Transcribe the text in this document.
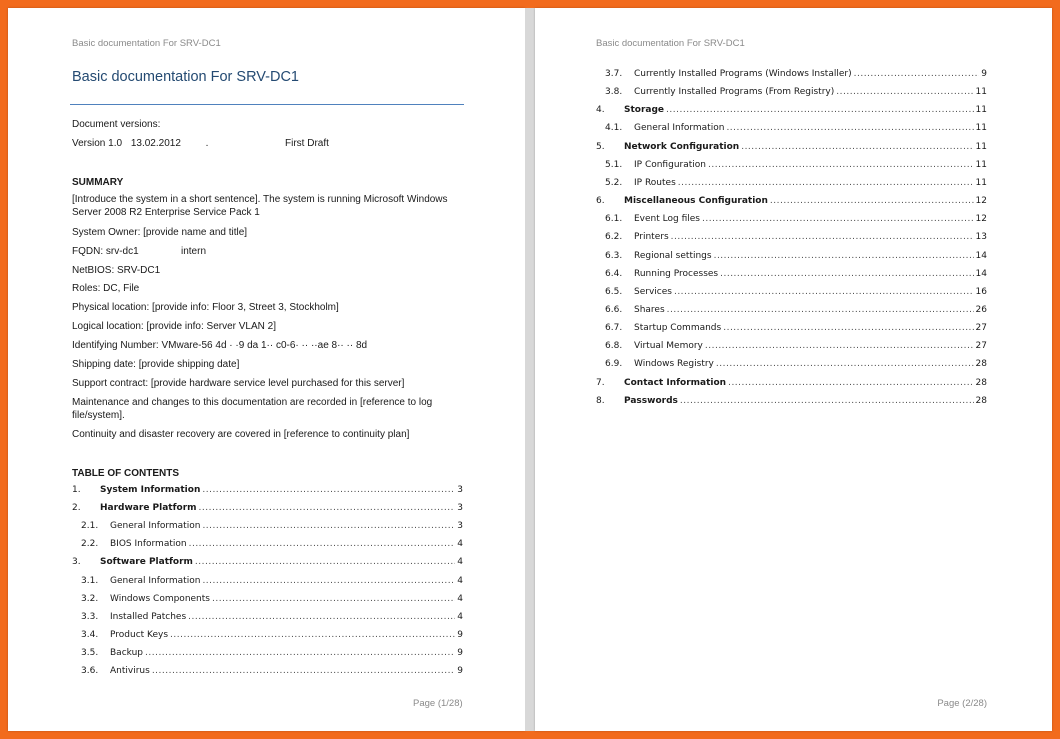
Basic documentation For SRV-DC1
Basic documentation For SRV-DC1
Document versions:
Version 1.0 13.02.2012 .	First Draft
SUMMARY
[Introduce the system in a short sentence]. The system is running Microsoft Windows Server 2008 R2 Enterprise Service Pack 1
System Owner: [provide name and title]
FQDN: srv-dc1	intern
NetBIOS: SRV-DC1
Roles: DC, File
Physical location: [provide info: Floor 3, Street 3, Stockholm]
Logical location: [provide info: Server VLAN 2]
Identifying Number: VMware-56 4d · ·9 da 1·· c0-6· ·· ··ae 8·· ·· 8d
Shipping date: [provide shipping date]
Support contract: [provide hardware service level purchased for this server]
Maintenance and changes to this documentation are recorded in [reference to log file/system].
Continuity and disaster recovery are covered in [reference to continuity plan]
TABLE OF CONTENTS
1.	System Information .....	3
2.	Hardware Platform .....	3
2.1.	General Information .....	3
2.2.	BIOS Information .....	4
3.	Software Platform .....	4
3.1.	General Information .....	4
3.2.	Windows Components .....	4
3.3.	Installed Patches .....	4
3.4.	Product Keys .....	9
3.5.	Backup .....	9
3.6.	Antivirus .....	9
Page (1/28)
Basic documentation For SRV-DC1
3.7.	Currently Installed Programs (Windows Installer) .....	9
3.8.	Currently Installed Programs (From Registry) .....	11
4.	Storage .....	11
4.1.	General Information .....	11
5.	Network Configuration .....	11
5.1.	IP Configuration .....	11
5.2.	IP Routes .....	11
6.	Miscellaneous Configuration .....	12
6.1.	Event Log files .....	12
6.2.	Printers .....	13
6.3.	Regional settings .....	14
6.4.	Running Processes .....	14
6.5.	Services .....	16
6.6.	Shares .....	26
6.7.	Startup Commands .....	27
6.8.	Virtual Memory .....	27
6.9.	Windows Registry .....	28
7.	Contact Information .....	28
8.	Passwords .....	28
Page (2/28)
